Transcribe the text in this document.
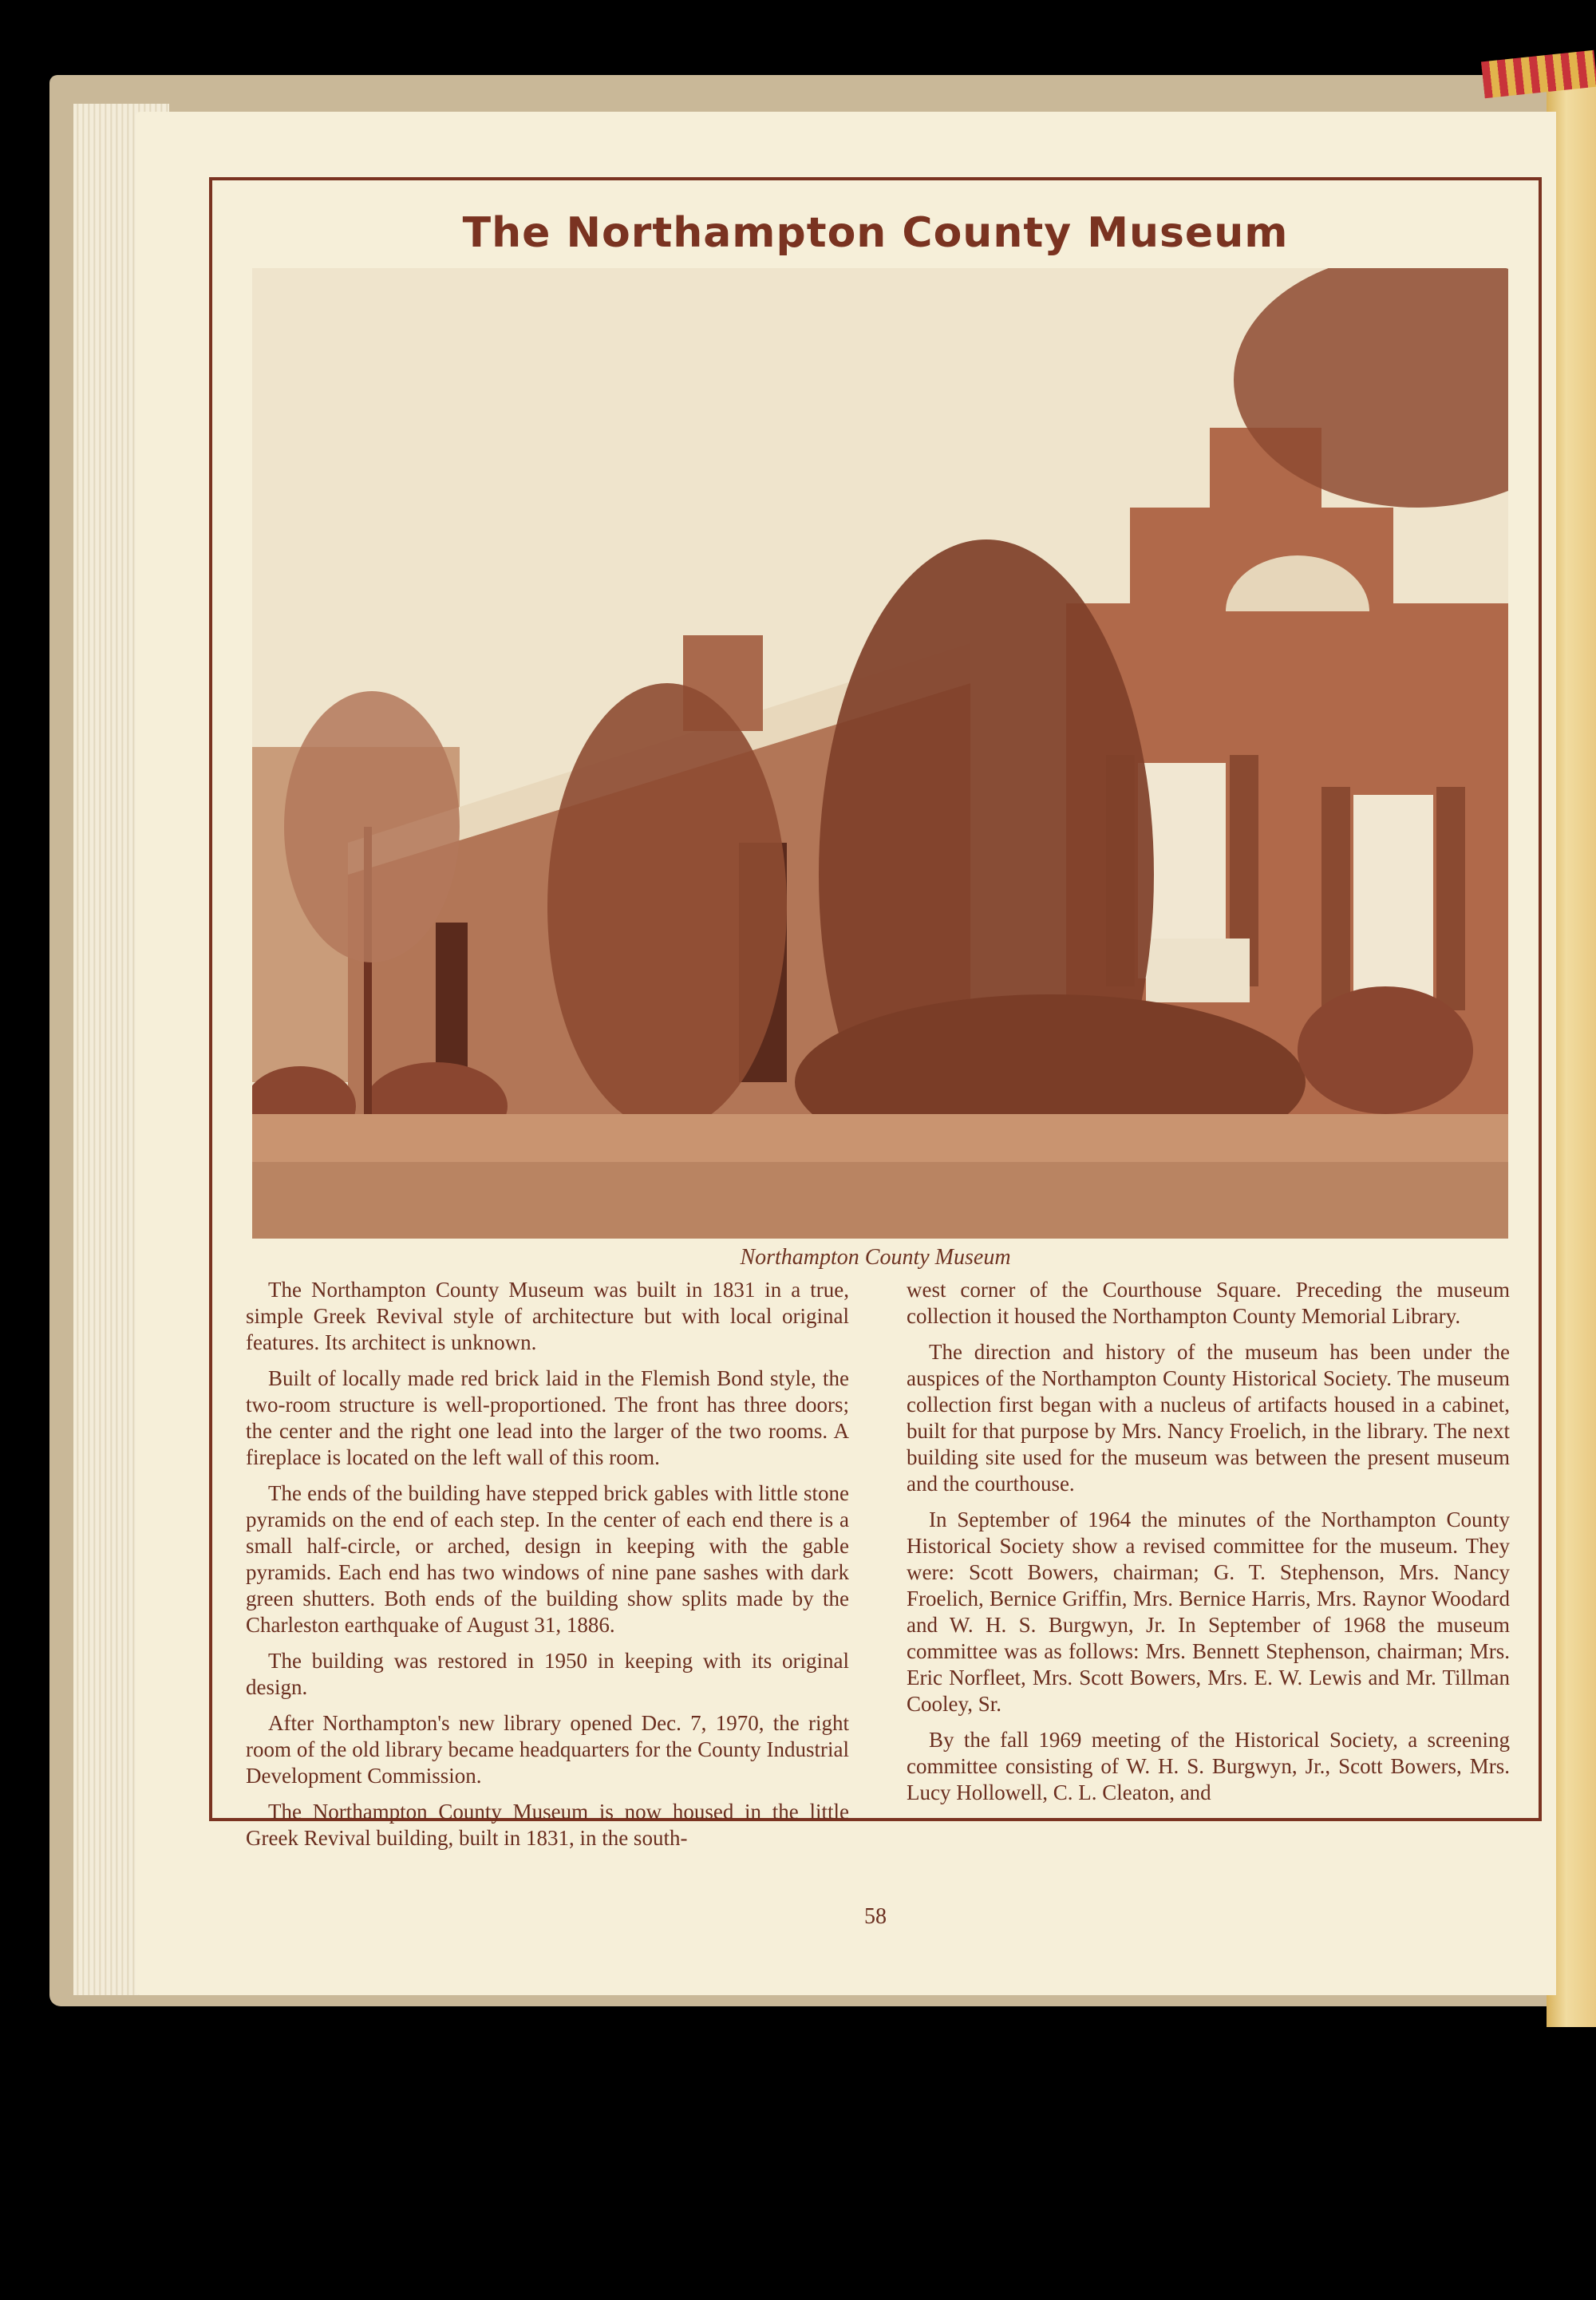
The Northampton County Museum
Northampton County Museum

The Northampton County Museum was built in 1831 in a true, simple Greek Revival style of architecture but with local original features. Its architect is unknown.

Built of locally made red brick laid in the Flemish Bond style, the two-room structure is well-proportioned. The front has three doors; the center and the right one lead into the larger of the two rooms. A fireplace is located on the left wall of this room.

The ends of the building have stepped brick gables with little stone pyramids on the end of each step. In the center of each end there is a small half-circle, or arched, design in keeping with the gable pyramids. Each end has two windows of nine pane sashes with dark green shutters. Both ends of the building show splits made by the Charleston earthquake of August 31, 1886.

The building was restored in 1950 in keeping with its original design.

After Northampton's new library opened Dec. 7, 1970, the right room of the old library became headquarters for the County Industrial Development Commission.

The Northampton County Museum is now housed in the little Greek Revival building, built in 1831, in the south-

west corner of the Courthouse Square. Preceding the museum collection it housed the Northampton County Memorial Library.

The direction and history of the museum has been under the auspices of the Northampton County Historical Society. The museum collection first began with a nucleus of artifacts housed in a cabinet, built for that purpose by Mrs. Nancy Froelich, in the library. The next building site used for the museum was between the present museum and the courthouse.

In September of 1964 the minutes of the Northampton County Historical Society show a revised committee for the museum. They were: Scott Bowers, chairman; G. T. Stephenson, Mrs. Nancy Froelich, Bernice Griffin, Mrs. Bernice Harris, Mrs. Raynor Woodard and W. H. S. Burgwyn, Jr. In September of 1968 the museum committee was as follows: Mrs. Bennett Stephenson, chairman; Mrs. Eric Norfleet, Mrs. Scott Bowers, Mrs. E. W. Lewis and Mr. Tillman Cooley, Sr.

By the fall 1969 meeting of the Historical Society, a screening committee consisting of W. H. S. Burgwyn, Jr., Scott Bowers, Mrs. Lucy Hollowell, C. L. Cleaton, and

58
